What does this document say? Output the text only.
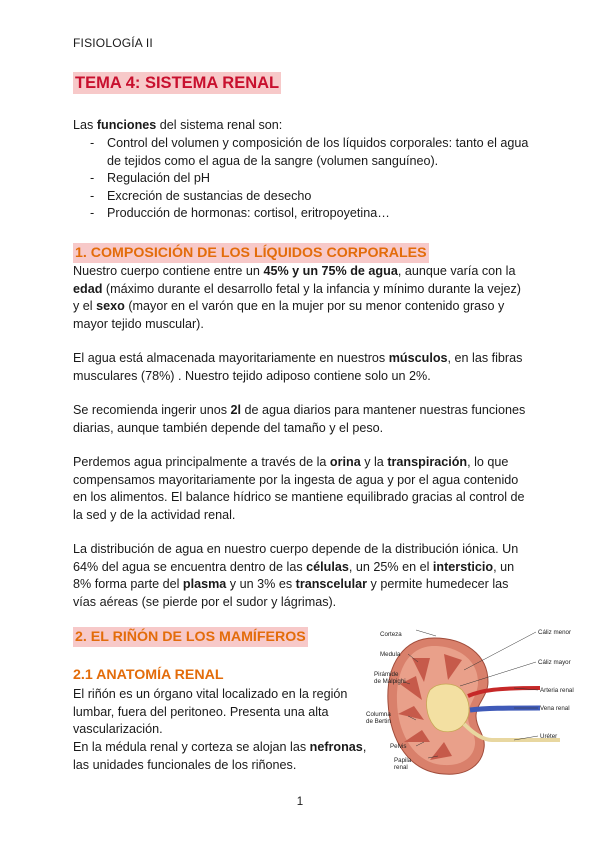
FISIOLOGÍA II
TEMA 4: SISTEMA RENAL
Las funciones del sistema renal son:
- Control del volumen y composición de los líquidos corporales: tanto el agua de tejidos como el agua de la sangre (volumen sanguíneo).
- Regulación del pH
- Excreción de sustancias de desecho
- Producción de hormonas: cortisol, eritropoyetina…
1. COMPOSICIÓN DE LOS LÍQUIDOS CORPORALES
Nuestro cuerpo contiene entre un 45% y un 75% de agua, aunque varía con la edad (máximo durante el desarrollo fetal y la infancia y mínimo durante la vejez) y el sexo (mayor en el varón que en la mujer por su menor contenido graso y mayor tejido muscular).
El agua está almacenada mayoritariamente en nuestros músculos, en las fibras musculares (78%) . Nuestro tejido adiposo contiene solo un 2%.
Se recomienda ingerir unos 2l de agua diarios para mantener nuestras funciones diarias, aunque también depende del tamaño y el peso.
Perdemos agua principalmente a través de la orina y la transpiración, lo que compensamos mayoritariamente por la ingesta de agua y por el agua contenido en los alimentos. El balance hídrico se mantiene equilibrado gracias al control de la sed y de la actividad renal.
La distribución de agua en nuestro cuerpo depende de la distribución iónica. Un 64% del agua se encuentra dentro de las células, un 25% en el intersticio, un 8% forma parte del plasma y un 3% es transcelular y permite humedecer las vías aéreas (se pierde por el sudor y lágrimas).
2. EL RIÑÓN DE LOS MAMÍFEROS
2.1 ANATOMÍA RENAL
El riñón es un órgano vital localizado en la región lumbar, fuera del peritoneo. Presenta una alta vascularización.
En la médula renal y corteza se alojan las nefronas, las unidades funcionales de los riñones.
Corteza
Medula
Pirámide
de Malpighi
Columna
de Bertin
Pelvis
Papila
renal
Cáliz menor
Cáliz mayor
Arteria renal
Vena renal
Uréter
1
